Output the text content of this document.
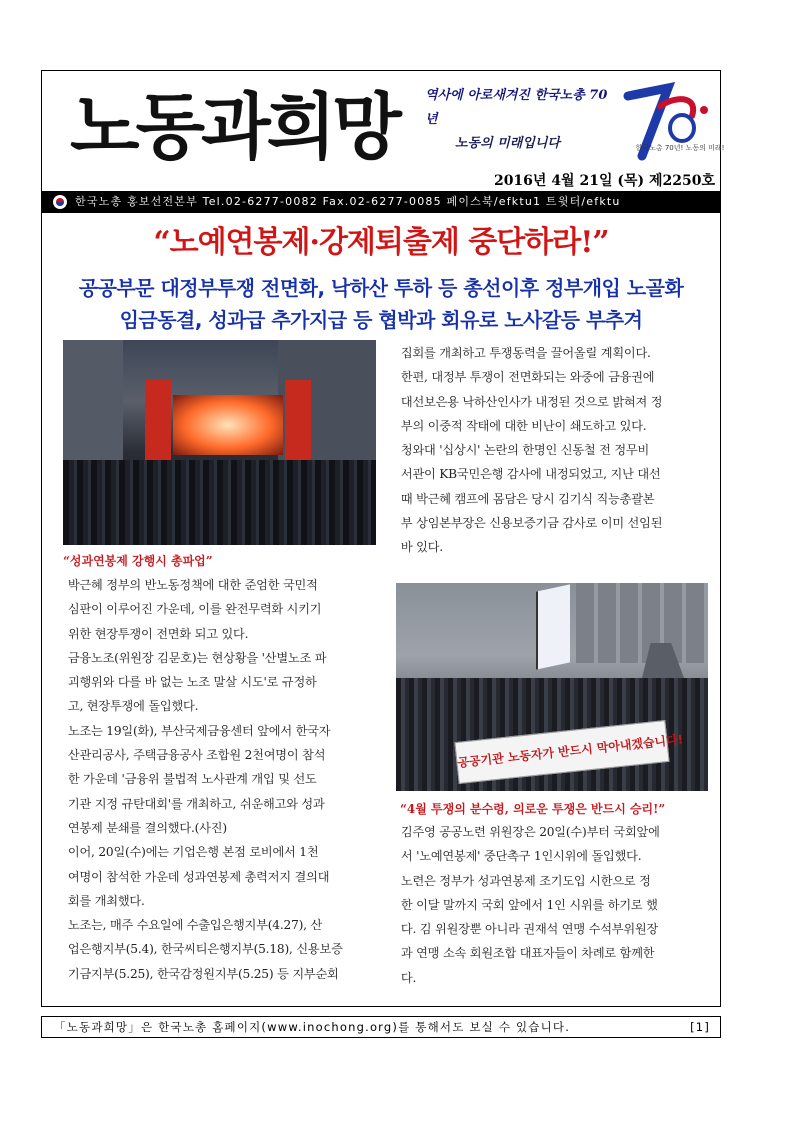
노동과희망 역사에 아로새겨진 한국노총 70년
노동의 미래입니다	한국노총 70년! 노동의 미래!
2016년 4월 21일 (목) 제2250호
한국노총 홍보선전본부 Tel.02-6277-0082 Fax.02-6277-0085 페이스북/efktu1 트윗터/efktu
“노예연봉제·강제퇴출제 중단하라!”
공공부문 대정부투쟁 전면화, 낙하산 투하 등 총선이후 정부개입 노골화
임금동결, 성과급 추가지급 등 협박과 회유로 노사갈등 부추겨
“성과연봉제 강행시 총파업”
공공기관 노동자가 반드시 막아내겠습니다!
“4월 투쟁의 분수령, 의로운 투쟁은 반드시 승리!”

박근혜 정부의 반노동정책에 대한 준엄한 국민적
심판이 이루어진 가운데, 이를 완전무력화 시키기
위한 현장투쟁이 전면화 되고 있다.

금융노조(위원장 김문호)는 현상황을 '산별노조 파
괴행위와 다를 바 없는 노조 말살 시도'로 규정하
고, 현장투쟁에 돌입했다.

노조는 19일(화), 부산국제금융센터 앞에서 한국자
산관리공사, 주택금융공사 조합원 2천여명이 참석
한 가운데 '금융위 불법적 노사관계 개입 및 선도
기관 지정 규탄대회'를 개최하고, 쉬운해고와 성과
연봉제 분쇄를 결의했다.(사진)

이어, 20일(수)에는 기업은행 본점 로비에서 1천
여명이 참석한 가운데 성과연봉제 총력저지 결의대
회를 개최했다.

노조는, 매주 수요일에 수출입은행지부(4.27), 산
업은행지부(5.4), 한국씨티은행지부(5.18), 신용보증
기금지부(5.25), 한국감정원지부(5.25) 등 지부순회

집회를 개최하고 투쟁동력을 끌어올릴 계획이다.

한편, 대정부 투쟁이 전면화되는 와중에 금융권에
대선보은용 낙하산인사가 내정된 것으로 밝혀져 정
부의 이중적 작태에 대한 비난이 쇄도하고 있다.

청와대 '십상시' 논란의 한명인 신동철 전 정무비
서관이 KB국민은행 감사에 내정되었고, 지난 대선
때 박근혜 캠프에 몸담은 당시 김기식 직능총괄본
부 상임본부장은 신용보증기금 감사로 이미 선임된
바 있다.

김주영 공공노련 위원장은 20일(수)부터 국회앞에
서 '노예연봉제' 중단촉구 1인시위에 돌입했다.

노련은 정부가 성과연봉제 조기도입 시한으로 정
한 이달 말까지 국회 앞에서 1인 시위를 하기로 했
다. 김 위원장뿐 아니라 권재석 연맹 수석부위원장
과 연맹 소속 회원조합 대표자들이 차례로 함께한
다.

「노동과희망」은 한국노총 홈페이지(www.inochong.org)를 통해서도 보실 수 있습니다.	[1]
